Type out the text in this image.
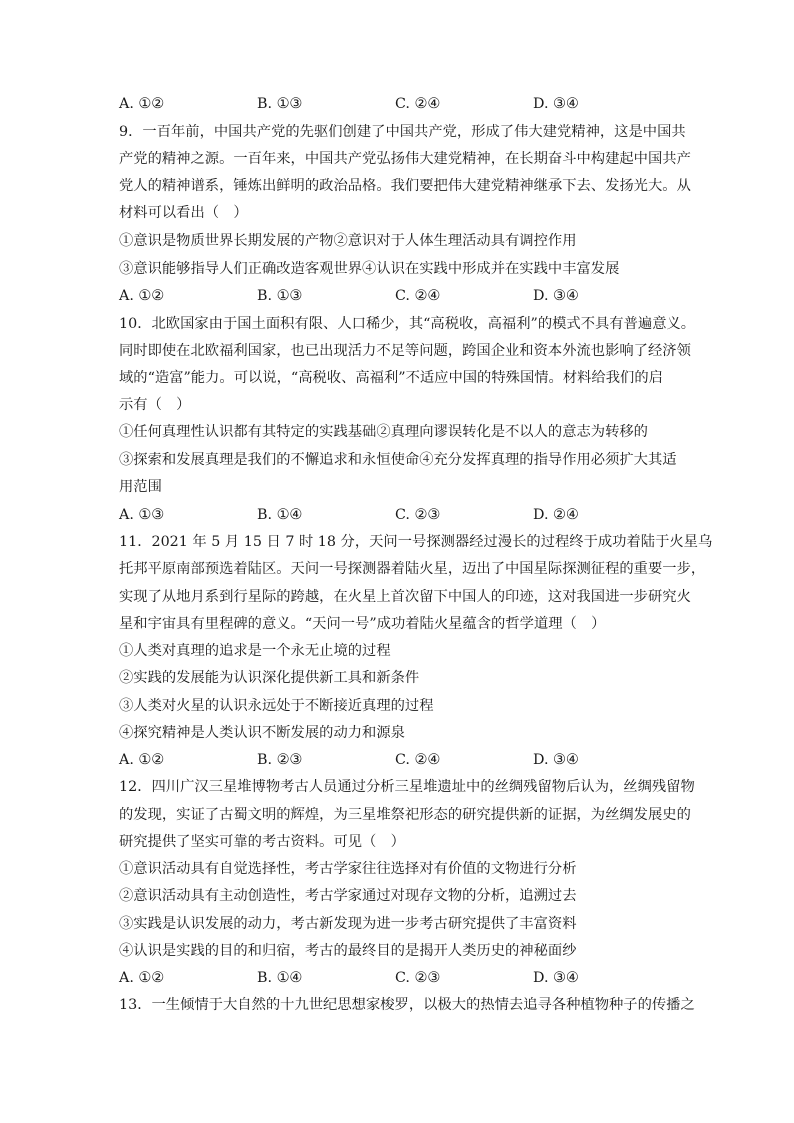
A. ①②	B. ①③	C. ②④	D. ③④
9．一百年前，中国共产党的先驱们创建了中国共产党，形成了伟大建党精神，这是中国共
产党的精神之源。一百年来，中国共产党弘扬伟大建党精神，在长期奋斗中构建起中国共产
党人的精神谱系，锤炼出鲜明的政治品格。我们要把伟大建党精神继承下去、发扬光大。从
材料可以看出（　）
①意识是物质世界长期发展的产物②意识对于人体生理活动具有调控作用
③意识能够指导人们正确改造客观世界④认识在实践中形成并在实践中丰富发展
A. ①②	B. ①③	C. ②④	D. ③④
10．北欧国家由于国土面积有限、人口稀少，其“高税收，高福利”的模式不具有普遍意义。
同时即使在北欧福利国家，也已出现活力不足等问题，跨国企业和资本外流也影响了经济领
域的“造富”能力。可以说，“高税收、高福利”不适应中国的特殊国情。材料给我们的启
示有（　）
①任何真理性认识都有其特定的实践基础②真理向谬误转化是不以人的意志为转移的
③探索和发展真理是我们的不懈追求和永恒使命④充分发挥真理的指导作用必须扩大其适
用范围
A. ①③	B. ①④	C. ②③	D. ②④
11．2021 年 5 月 15 日 7 时 18 分，天问一号探测器经过漫长的过程终于成功着陆于火星乌
托邦平原南部预选着陆区。天问一号探测器着陆火星，迈出了中国星际探测征程的重要一步，
实现了从地月系到行星际的跨越，在火星上首次留下中国人的印迹，这对我国进一步研究火
星和宇宙具有里程碑的意义。“天问一号”成功着陆火星蕴含的哲学道理（　）
①人类对真理的追求是一个永无止境的过程
②实践的发展能为认识深化提供新工具和新条件
③人类对火星的认识永远处于不断接近真理的过程
④探究精神是人类认识不断发展的动力和源泉
A. ①②	B. ②③	C. ②④	D. ③④
12．四川广汉三星堆博物考古人员通过分析三星堆遗址中的丝绸残留物后认为，丝绸残留物
的发现，实证了古蜀文明的辉煌，为三星堆祭祀形态的研究提供新的证据，为丝绸发展史的
研究提供了坚实可靠的考古资料。可见（　）
①意识活动具有自觉选择性，考古学家往往选择对有价值的文物进行分析
②意识活动具有主动创造性，考古学家通过对现存文物的分析，追溯过去
③实践是认识发展的动力，考古新发现为进一步考古研究提供了丰富资料
④认识是实践的目的和归宿，考古的最终目的是揭开人类历史的神秘面纱
A. ①②	B. ①④	C. ②③	D. ③④
13．一生倾情于大自然的十九世纪思想家梭罗，以极大的热情去追寻各种植物种子的传播之
